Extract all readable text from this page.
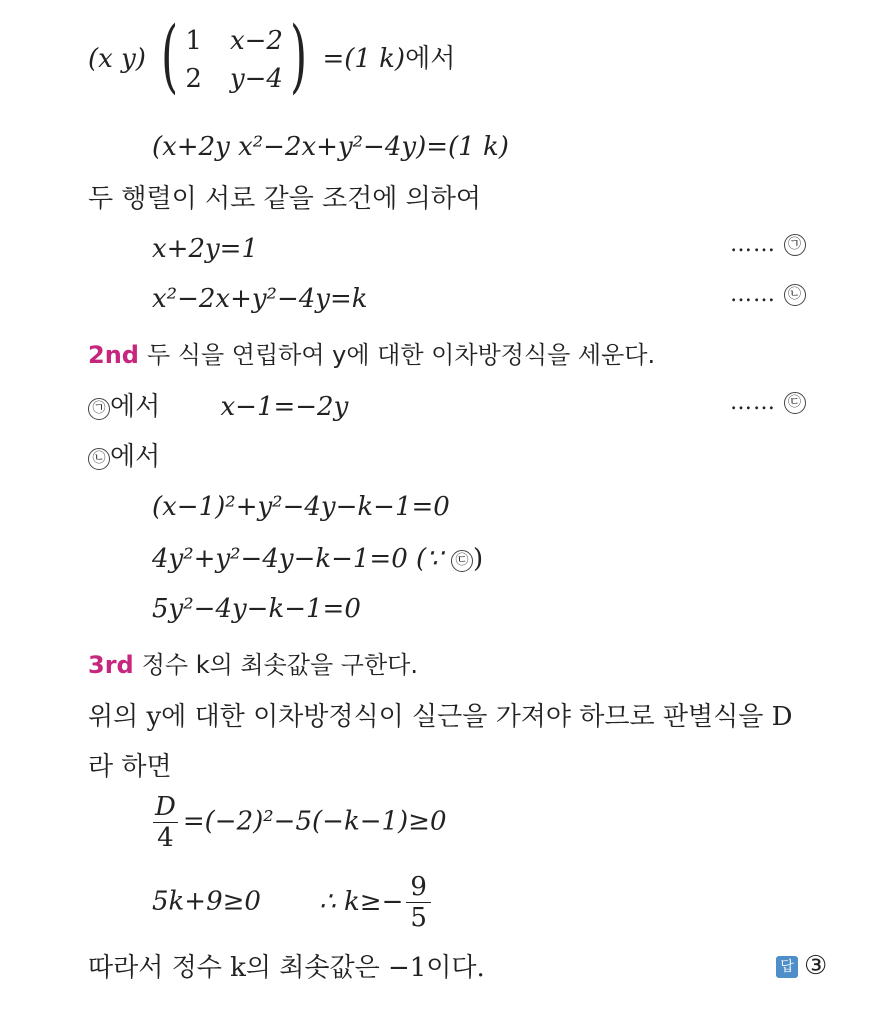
(x y) ( 1 x−2
2 y−4 ) =(1 k)에서
(x+2y x²−2x+y²−4y)=(1 k)
두 행렬이 서로 같을 조건에 의하여
x+2y=1	…… ㉠
x²−2x+y²−4y=k	…… ㉡
2nd 두 식을 연립하여 y에 대한 이차방정식을 세운다.
㉠ 에서 x−1=−2y	…… ㉢
㉡ 에서
(x−1)²+y²−4y−k−1=0
4y²+y²−4y−k−1=0 (∵ ㉢ )
5y²−4y−k−1=0
3rd 정수 k의 최솟값을 구한다.
위의 y에 대한 이차방정식이 실근을 가져야 하므로 판별식을 D
라 하면
$\frac{D}{4} =(-2)^2-5(-k-1)\ge 0$
5k+9≥0 ∴ $k\ge- \frac{9}{5}$
따라서 정수 k의 최솟값은 −1이다.	답 ③
